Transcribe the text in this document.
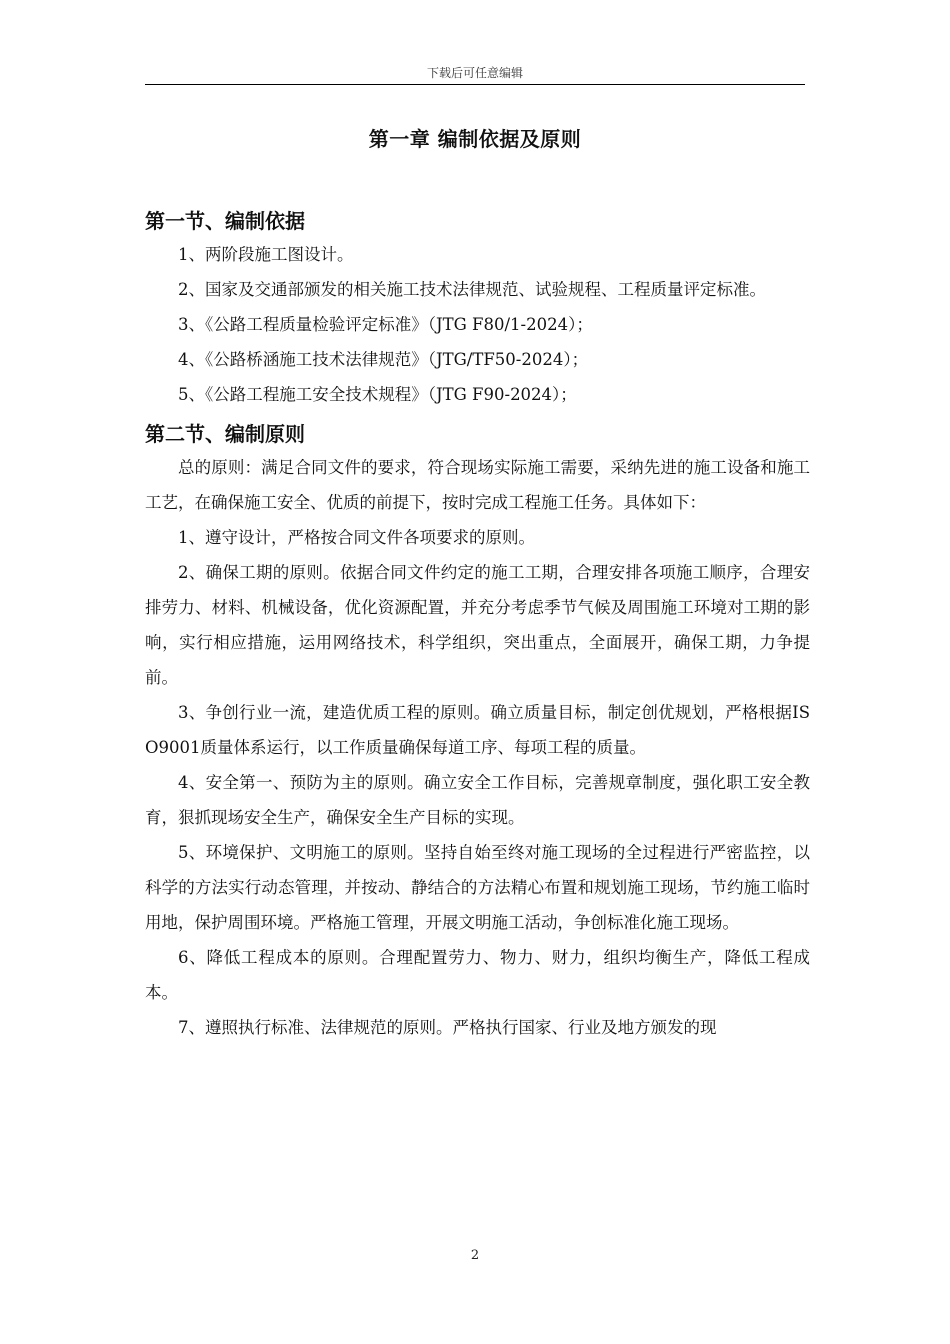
下载后可任意编辑
第一章 编制依据及原则
第一节、编制依据

1、两阶段施工图设计。

2、国家及交通部颁发的相关施工技术法律规范、试验规程、工程质量评定标准。

3、《公路工程质量检验评定标准》（JTG F80/1-2024）；

4、《公路桥涵施工技术法律规范》（JTG/TF50-2024）；

5、《公路工程施工安全技术规程》（JTG F90-2024）；

第二节、编制原则

总的原则：满足合同文件的要求，符合现场实际施工需要，采纳先进的施工设备和施工工艺，在确保施工安全、优质的前提下，按时完成工程施工任务。具体如下：

1、遵守设计，严格按合同文件各项要求的原则。

2、确保工期的原则。依据合同文件约定的施工工期，合理安排各项施工顺序，合理安排劳力、材料、机械设备，优化资源配置，并充分考虑季节气候及周围施工环境对工期的影响，实行相应措施，运用网络技术，科学组织，突出重点，全面展开，确保工期，力争提前。

3、争创行业一流，建造优质工程的原则。确立质量目标，制定创优规划，严格根据ISO9001质量体系运行，以工作质量确保每道工序、每项工程的质量。

4、安全第一、预防为主的原则。确立安全工作目标，完善规章制度，强化职工安全教育，狠抓现场安全生产，确保安全生产目标的实现。

5、环境保护、文明施工的原则。坚持自始至终对施工现场的全过程进行严密监控，以科学的方法实行动态管理，并按动、静结合的方法精心布置和规划施工现场，节约施工临时用地，保护周围环境。严格施工管理，开展文明施工活动，争创标准化施工现场。

6、降低工程成本的原则。合理配置劳力、物力、财力，组织均衡生产，降低工程成本。

7、遵照执行标准、法律规范的原则。严格执行国家、行业及地方颁发的现

2
